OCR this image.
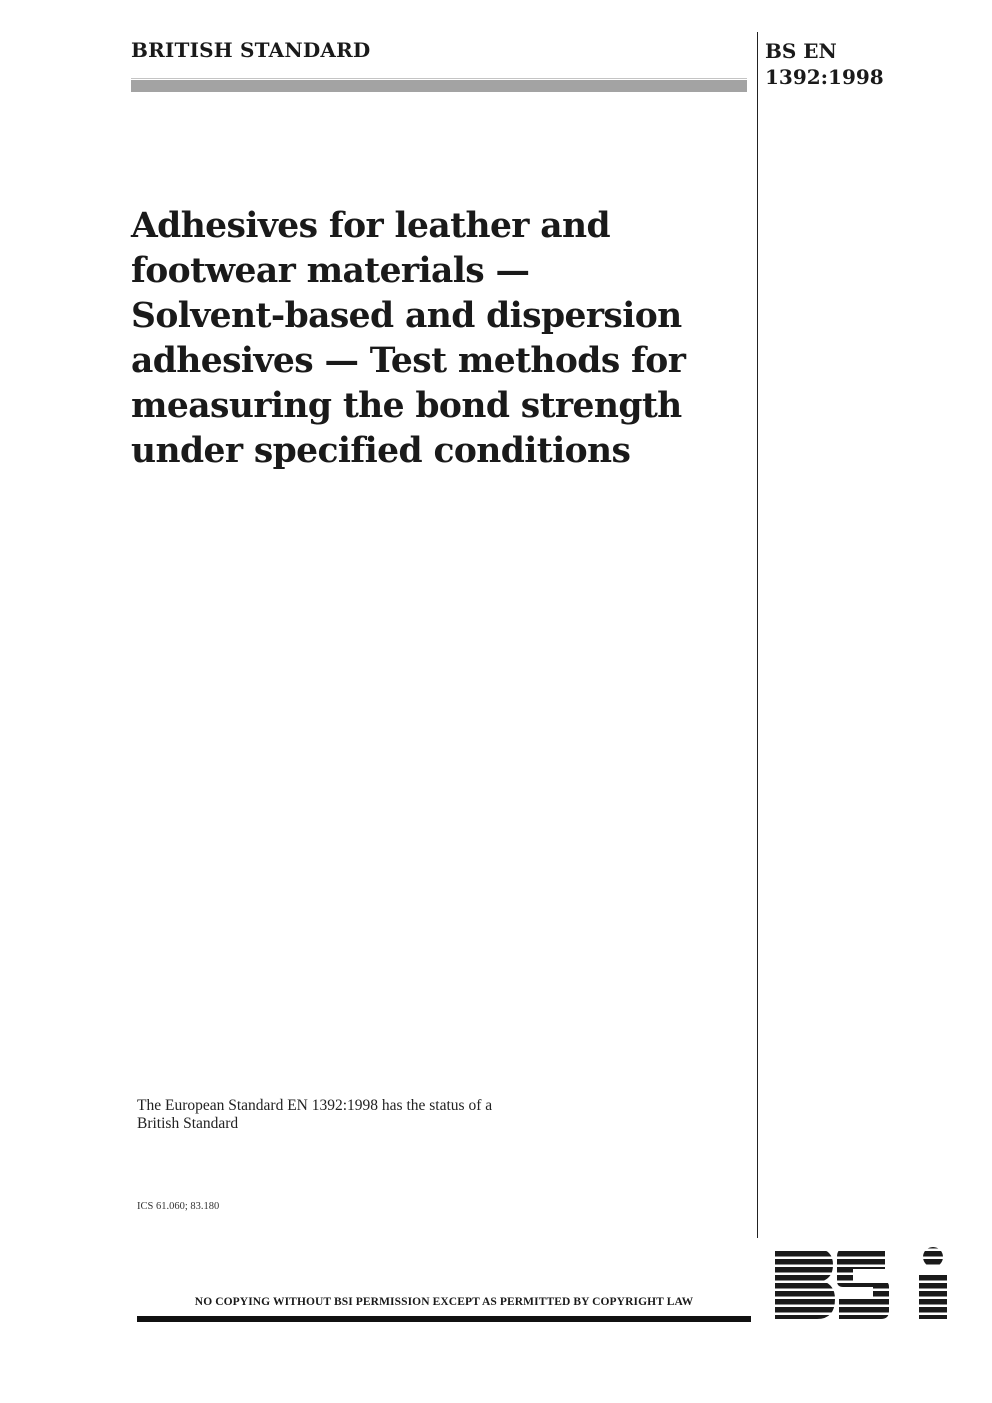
BRITISH STANDARD	BS EN
1392:1998
Adhesives for leather and
footwear materials —
Solvent-based and dispersion
adhesives — Test methods for
measuring the bond strength
under specified conditions
The European Standard EN 1392:1998 has the status of a
British Standard
ICS 61.060; 83.180
NO COPYING WITHOUT BSI PERMISSION EXCEPT AS PERMITTED BY COPYRIGHT LAW
